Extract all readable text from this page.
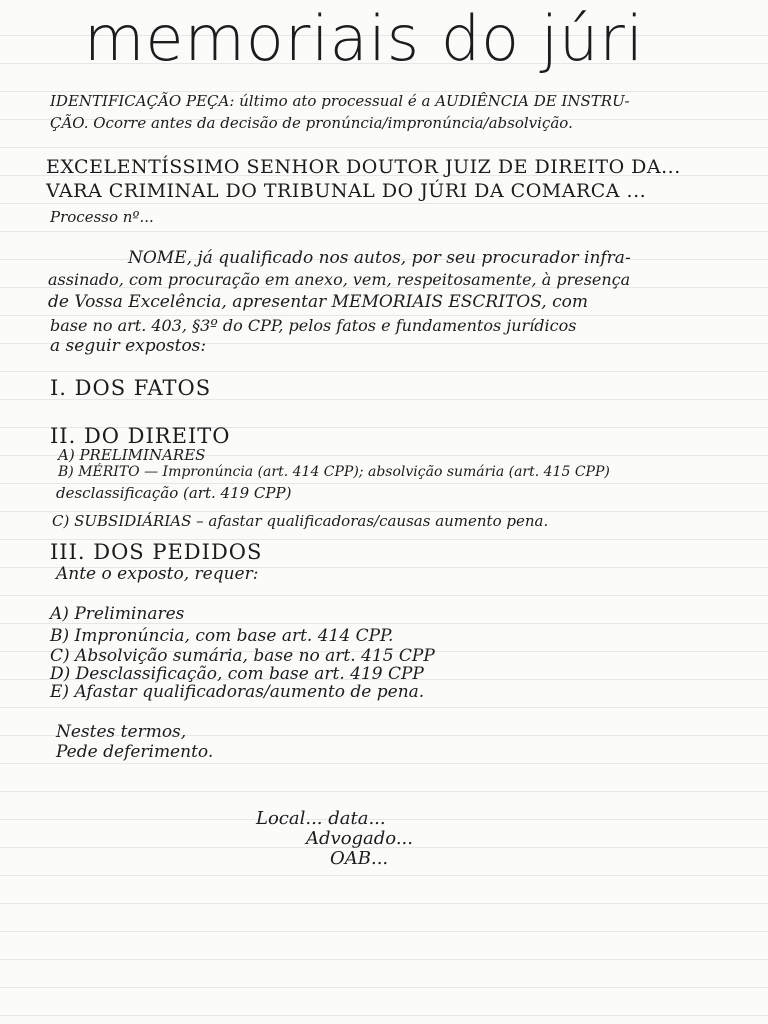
memoriais do júri
IDENTIFICAÇÃO PEÇA: último ato processual é a AUDIÊNCIA DE INSTRU-
ÇÃO. Ocorre antes da decisão de pronúncia/impronúncia/absolvição.
EXCELENTÍSSIMO SENHOR DOUTOR JUIZ DE DIREITO DA...
VARA CRIMINAL DO TRIBUNAL DO JÚRI DA COMARCA ...
Processo nº...
NOME, já qualificado nos autos, por seu procurador infra-
assinado, com procuração em anexo, vem, respeitosamente, à presença
de Vossa Excelência, apresentar MEMORIAIS ESCRITOS, com
base no art. 403, §3º do CPP, pelos fatos e fundamentos jurídicos
a seguir expostos:
I. DOS FATOS
II. DO DIREITO
A) PRELIMINARES
B) MÉRITO — Impronúncia (art. 414 CPP); absolvição sumária (art. 415 CPP)
desclassificação (art. 419 CPP)
C) SUBSIDIÁRIAS – afastar qualificadoras/causas aumento pena.
III. DOS PEDIDOS
Ante o exposto, requer:
A) Preliminares
B) Impronúncia, com base art. 414 CPP.
C) Absolvição sumária, base no art. 415 CPP
D) Desclassificação, com base art. 419 CPP
E) Afastar qualificadoras/aumento de pena.
Nestes termos,
Pede deferimento.
Local... data...
Advogado...
OAB...
